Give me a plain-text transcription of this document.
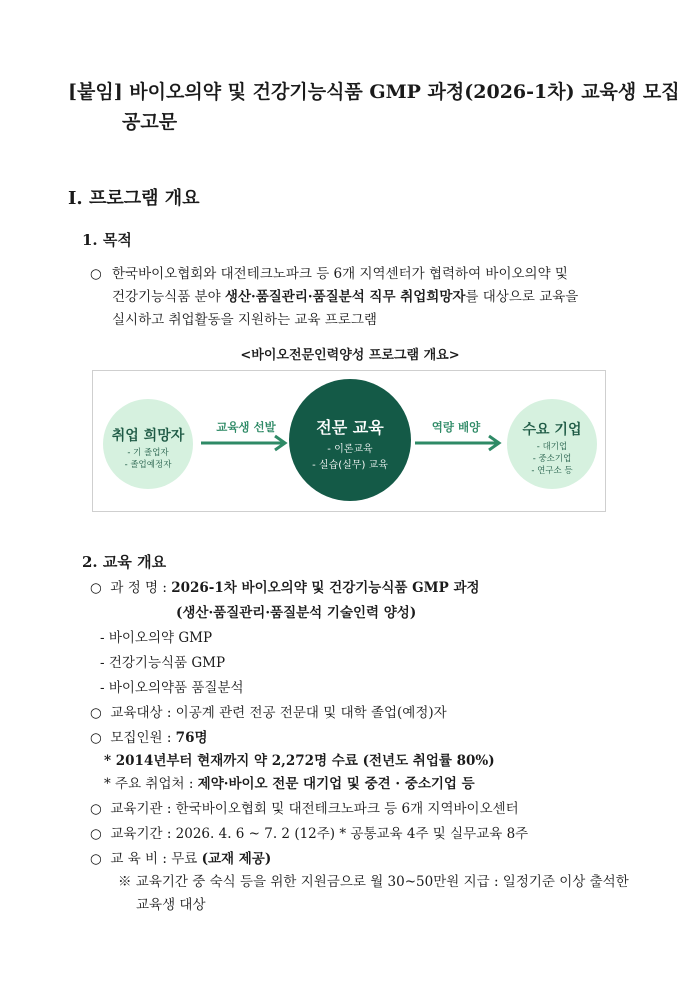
[붙임] 바이오의약 및 건강기능식품 GMP 과정(2026-1차) 교육생 모집
공고문
Ⅰ. 프로그램 개요
1. 목적
○ 한국바이오협회와 대전테크노파크 등 6개 지역센터가 협력하여 바이오의약 및
건강기능식품 분야 생산·품질관리·품질분석 직무 취업희망자를 대상으로 교육을
실시하고 취업활동을 지원하는 교육 프로그램
<바이오전문인력양성 프로그램 개요>
취업 희망자
- 기 졸업자
- 졸업예정자
교육생 선발	전문 교육
- 이론교육
- 실습(실무) 교육
역량 배양	수요 기업
- 대기업
- 중소기업
- 연구소 등
2. 교육 개요
○  과 정 명 : 2026-1차 바이오의약 및 건강기능식품 GMP 과정
(생산·품질관리·품질분석 기술인력 양성)
- 바이오의약 GMP
- 건강기능식품 GMP
- 바이오의약품 품질분석
○  교육대상 : 이공계 관련 전공 전문대 및 대학 졸업(예정)자
○  모집인원 : 76명
* 2014년부터 현재까지 약 2,272명 수료 (전년도 취업률 80%)
* 주요 취업처 : 제약·바이오 전문 대기업 및 중견 · 중소기업 등
○  교육기관 : 한국바이오협회 및 대전테크노파크 등 6개 지역바이오센터
○  교육기간 : 2026. 4. 6 ~ 7. 2 (12주) * 공통교육 4주 및 실무교육 8주
○  교 육 비 : 무료 (교재 제공)
※ 교육기간 중 숙식 등을 위한 지원금으로 월 30~50만원 지급 : 일정기준 이상 출석한
교육생 대상
